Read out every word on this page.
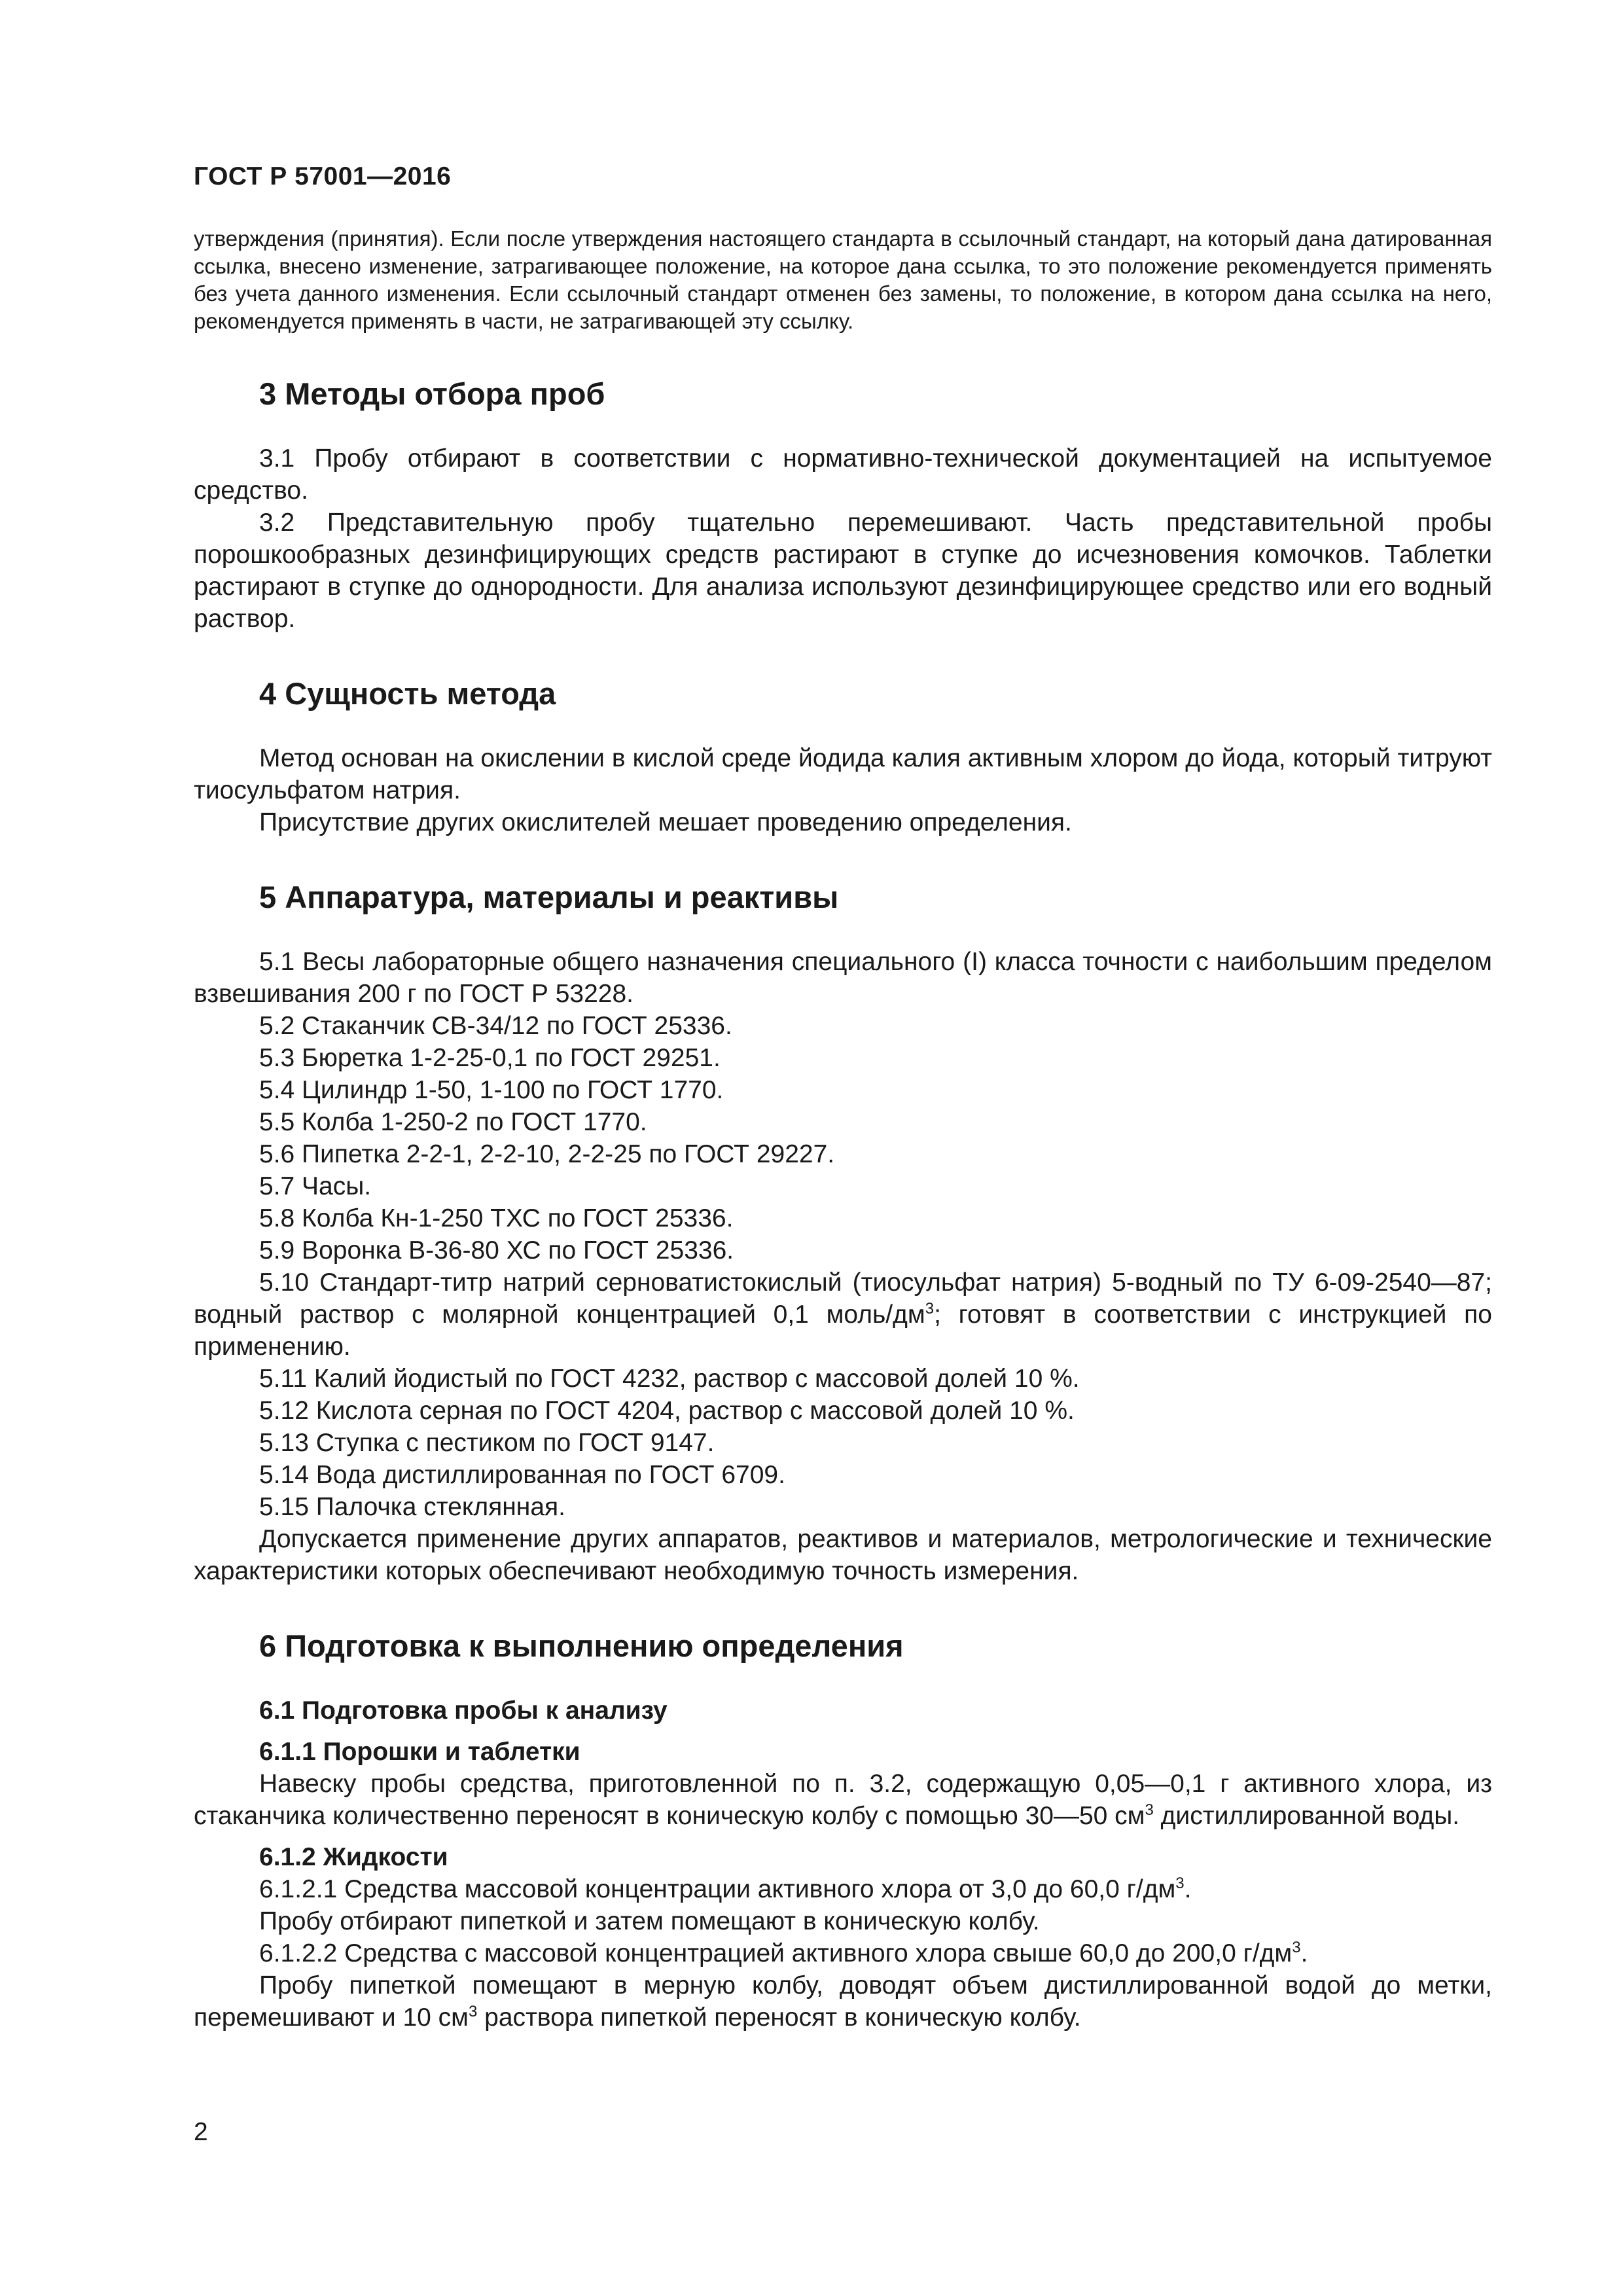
ГОСТ Р 57001—2016

утверждения (принятия). Если после утверждения настоящего стандарта в ссылочный стандарт, на который дана датированная ссылка, внесено изменение, затрагивающее положение, на которое дана ссылка, то это положение рекомендуется применять без учета данного изменения. Если ссылочный стандарт отменен без замены, то положение, в котором дана ссылка на него, рекомендуется применять в части, не затрагивающей эту ссылку.

3 Методы отбора проб

3.1 Пробу отбирают в соответствии с нормативно-технической документацией на испытуемое средство.

3.2 Представительную пробу тщательно перемешивают. Часть представительной пробы порошкообразных дезинфицирующих средств растирают в ступке до исчезновения комочков. Таблетки растирают в ступке до однородности. Для анализа используют дезинфицирующее средство или его водный раствор.

4 Сущность метода

Метод основан на окислении в кислой среде йодида калия активным хлором до йода, который титруют тиосульфатом натрия.

Присутствие других окислителей мешает проведению определения.

5 Аппаратура, материалы и реактивы

5.1 Весы лабораторные общего назначения специального (I) класса точности с наибольшим пределом взвешивания 200 г по ГОСТ Р 53228.

5.2 Стаканчик СВ-34/12 по ГОСТ 25336.

5.3 Бюретка 1-2-25-0,1 по ГОСТ 29251.

5.4 Цилиндр 1-50, 1-100 по ГОСТ 1770.

5.5 Колба 1-250-2 по ГОСТ 1770.

5.6 Пипетка 2-2-1, 2-2-10, 2-2-25 по ГОСТ 29227.

5.7 Часы.

5.8 Колба Кн-1-250 ТХС по ГОСТ 25336.

5.9 Воронка В-36-80 ХС по ГОСТ 25336.

5.10 Стандарт-титр натрий серноватистокислый (тиосульфат натрия) 5-водный по ТУ 6-09-2540—87; водный раствор с молярной концентрацией 0,1 моль/$дм^3$; готовят в соответствии с инструкцией по применению.

5.11 Калий йодистый по ГОСТ 4232, раствор с массовой долей 10 %.

5.12 Кислота серная по ГОСТ 4204, раствор с массовой долей 10 %.

5.13 Ступка с пестиком по ГОСТ 9147.

5.14 Вода дистиллированная по ГОСТ 6709.

5.15 Палочка стеклянная.

Допускается применение других аппаратов, реактивов и материалов, метрологические и технические характеристики которых обеспечивают необходимую точность измерения.

6 Подготовка к выполнению определения
6.1 Подготовка пробы к анализу
6.1.1 Порошки и таблетки

Навеску пробы средства, приготовленной по п. 3.2, содержащую 0,05—0,1 г активного хлора, из стаканчика количественно переносят в коническую колбу с помощью 30—50 $см^3$ дистиллированной воды.

6.1.2 Жидкости

6.1.2.1 Средства массовой концентрации активного хлора от 3,0 до 60,0 $г/дм^3$.

Пробу отбирают пипеткой и затем помещают в коническую колбу.

6.1.2.2 Средства с массовой концентрацией активного хлора свыше 60,0 до 200,0 $г/дм^3$.

Пробу пипеткой помещают в мерную колбу, доводят объем дистиллированной водой до метки, перемешивают и 10 $см^3$ раствора пипеткой переносят в коническую колбу.

2
